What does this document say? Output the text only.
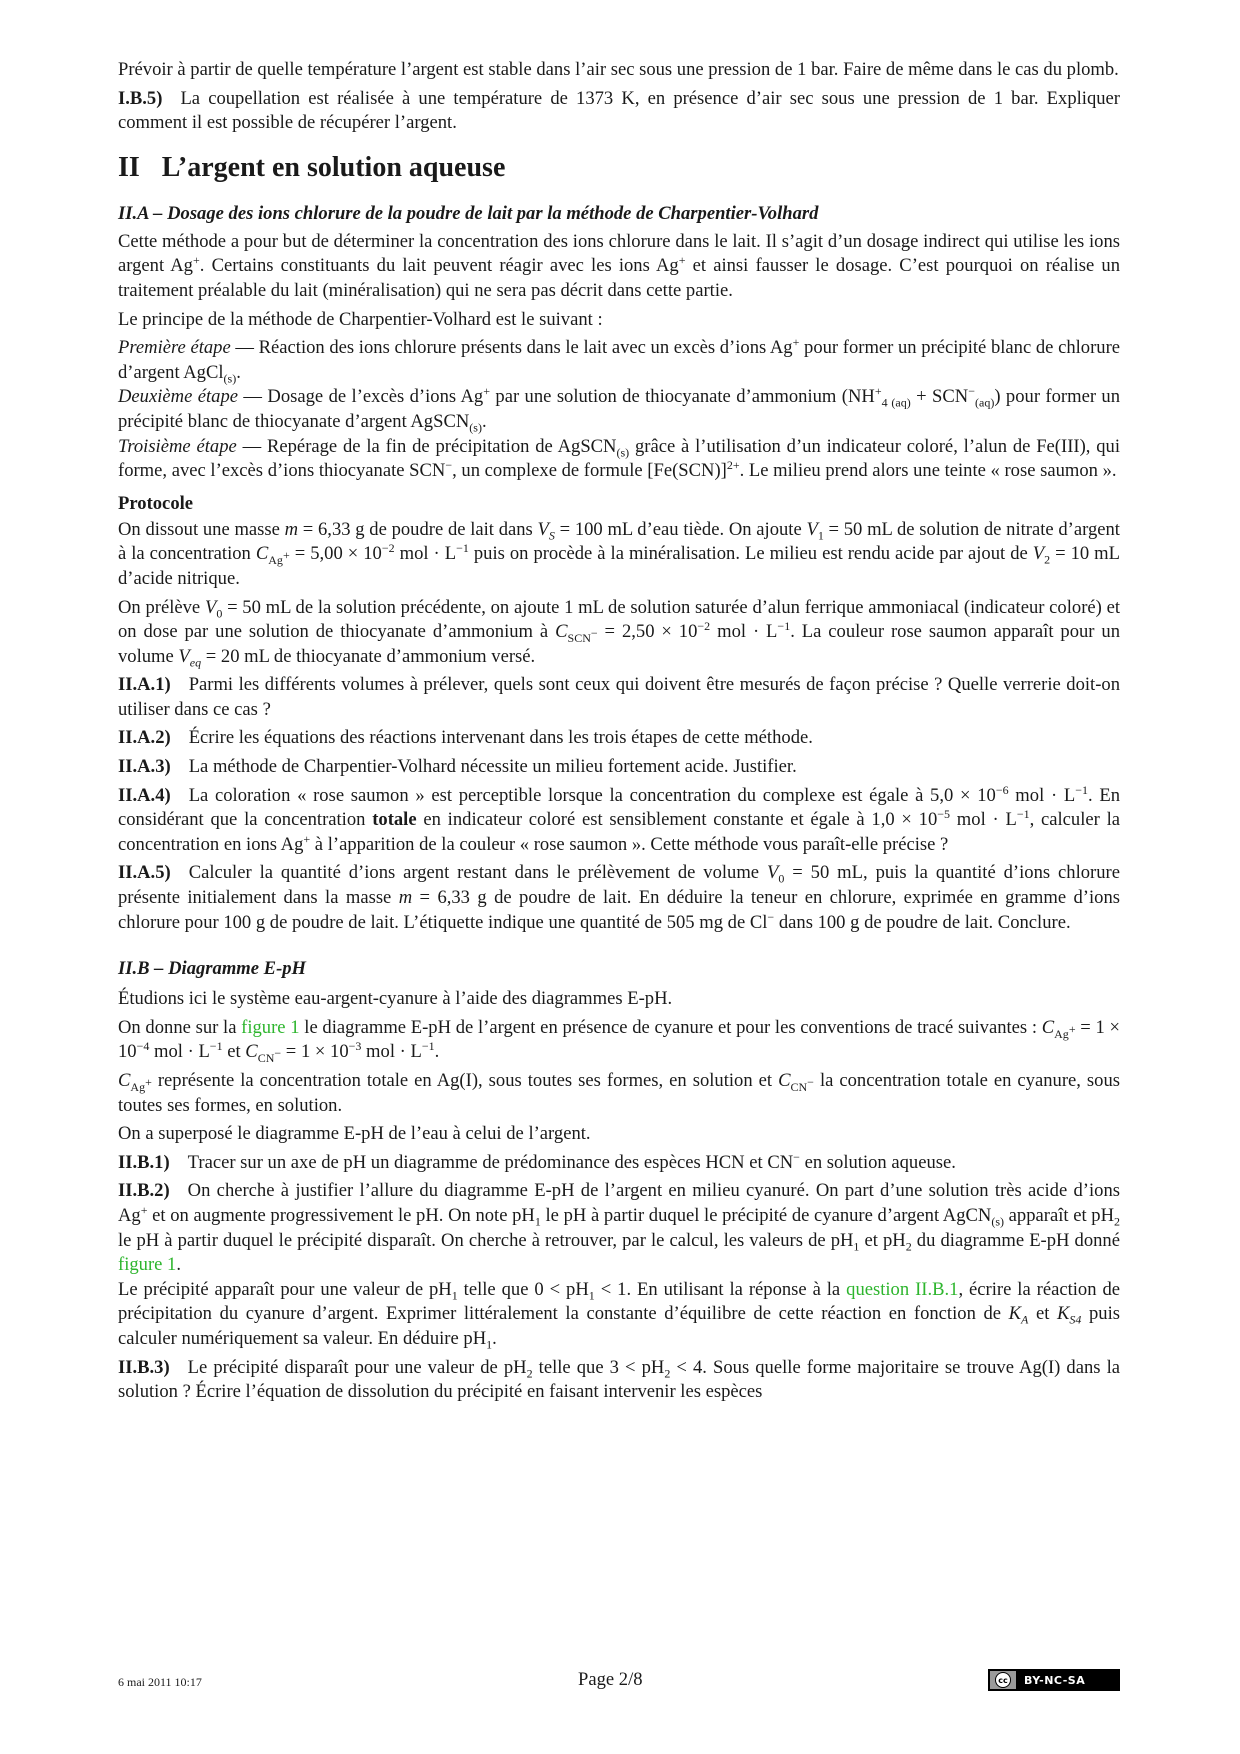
Prévoir à partir de quelle température l’argent est stable dans l’air sec sous une pression de 1 bar. Faire de même dans le cas du plomb.

I.B.5) La coupellation est réalisée à une température de 1373 K, en présence d’air sec sous une pression de 1 bar. Expliquer comment il est possible de récupérer l’argent.

II L’argent en solution aqueuse
II.A – Dosage des ions chlorure de la poudre de lait par la méthode de Charpentier-Volhard

Cette méthode a pour but de déterminer la concentration des ions chlorure dans le lait. Il s’agit d’un dosage indirect qui utilise les ions argent Ag+. Certains constituants du lait peuvent réagir avec les ions Ag+ et ainsi fausser le dosage. C’est pourquoi on réalise un traitement préalable du lait (minéralisation) qui ne sera pas décrit dans cette partie.

Le principe de la méthode de Charpentier-Volhard est le suivant :

Première étape — Réaction des ions chlorure présents dans le lait avec un excès d’ions Ag+ pour former un précipité blanc de chlorure d’argent AgCl$_{(s)}$.

Deuxième étape — Dosage de l’excès d’ions Ag+ par une solution de thiocyanate d’ammonium $(NH^+_{4 (aq)} + SCN^-_{(aq)})$ pour former un précipité blanc de thiocyanate d’argent AgSCN$_{(s)}$.

Troisième étape — Repérage de la fin de précipitation de AgSCN$_{(s)}$ grâce à l’utilisation d’un indicateur coloré, l’alun de Fe(III), qui forme, avec l’excès d’ions thiocyanate SCN−, un complexe de formule $[Fe(SCN)]^{2+}$. Le milieu prend alors une teinte « rose saumon ».

Protocole

On dissout une masse m = 6,33 g de poudre de lait dans $V_S = 100$ mL d’eau tiède. On ajoute $V_1 = 50$ mL de solution de nitrate d’argent à la concentration $C_{Ag^+} = 5,00 \times 10^{-2}$ mol · $L^{-1}$ puis on procède à la minéralisation. Le milieu est rendu acide par ajout de $V_2 = 10$ mL d’acide nitrique.

On prélève $V_0 = 50$ mL de la solution précédente, on ajoute 1 mL de solution saturée d’alun ferrique ammoniacal (indicateur coloré) et on dose par une solution de thiocyanate d’ammonium à $C_{SCN^-} = 2,50 \times 10^{-2}$ mol · $L^{-1}$. La couleur rose saumon apparaît pour un volume $V_{eq} = 20$ mL de thiocyanate d’ammonium versé.

II.A.1) Parmi les différents volumes à prélever, quels sont ceux qui doivent être mesurés de façon précise ? Quelle verrerie doit-on utiliser dans ce cas ?

II.A.2) Écrire les équations des réactions intervenant dans les trois étapes de cette méthode.

II.A.3) La méthode de Charpentier-Volhard nécessite un milieu fortement acide. Justifier.

II.A.4) La coloration « rose saumon » est perceptible lorsque la concentration du complexe est égale à $5,0 \times 10^{-6}$ mol · $L^{-1}$. En considérant que la concentration totale en indicateur coloré est sensiblement constante et égale à $1,0 \times 10^{-5}$ mol · $L^{-1}$, calculer la concentration en ions Ag+ à l’apparition de la couleur « rose saumon ». Cette méthode vous paraît-elle précise ?

II.A.5) Calculer la quantité d’ions argent restant dans le prélèvement de volume $V_0 = 50$ mL, puis la quantité d’ions chlorure présente initialement dans la masse m = 6,33 g de poudre de lait. En déduire la teneur en chlorure, exprimée en gramme d’ions chlorure pour 100 g de poudre de lait. L’étiquette indique une quantité de 505 mg de Cl− dans 100 g de poudre de lait. Conclure.

II.B – Diagramme E-pH

Étudions ici le système eau-argent-cyanure à l’aide des diagrammes E-pH.

On donne sur la figure 1 le diagramme E-pH de l’argent en présence de cyanure et pour les conventions de tracé suivantes : $C_{Ag^+} = 1 \times 10^{-4}$ mol · $L^{-1}$ et $C_{CN^-} = 1 \times 10^{-3}$ mol · $L^{-1}$.

$C_{Ag^+}$ représente la concentration totale en Ag(I), sous toutes ses formes, en solution et $C_{CN^-}$ la concentration totale en cyanure, sous toutes ses formes, en solution.

On a superposé le diagramme E-pH de l’eau à celui de l’argent.

II.B.1) Tracer sur un axe de pH un diagramme de prédominance des espèces HCN et CN− en solution aqueuse.

II.B.2) On cherche à justifier l’allure du diagramme E-pH de l’argent en milieu cyanuré. On part d’une solution très acide d’ions Ag+ et on augmente progressivement le pH. On note $pH_1$ le pH à partir duquel le précipité de cyanure d’argent AgCN$_{(s)}$ apparaît et $pH_2$ le pH à partir duquel le précipité disparaît. On cherche à retrouver, par le calcul, les valeurs de $pH_1$ et $pH_2$ du diagramme E-pH donné figure 1.

Le précipité apparaît pour une valeur de $pH_1$ telle que $0 < pH_1 < 1$. En utilisant la réponse à la question II.B.1, écrire la réaction de précipitation du cyanure d’argent. Exprimer littéralement la constante d’équilibre de cette réaction en fonction de $K_A$ et $K_{S4}$ puis calculer numériquement sa valeur. En déduire $pH_1$.

II.B.3) Le précipité disparaît pour une valeur de $pH_2$ telle que $3 < pH_2 < 4$. Sous quelle forme majoritaire se trouve Ag(I) dans la solution ? Écrire l’équation de dissolution du précipité en faisant intervenir les espèces

6 mai 2011 10:17	Page 2/8	cc	BY-NC-SA
